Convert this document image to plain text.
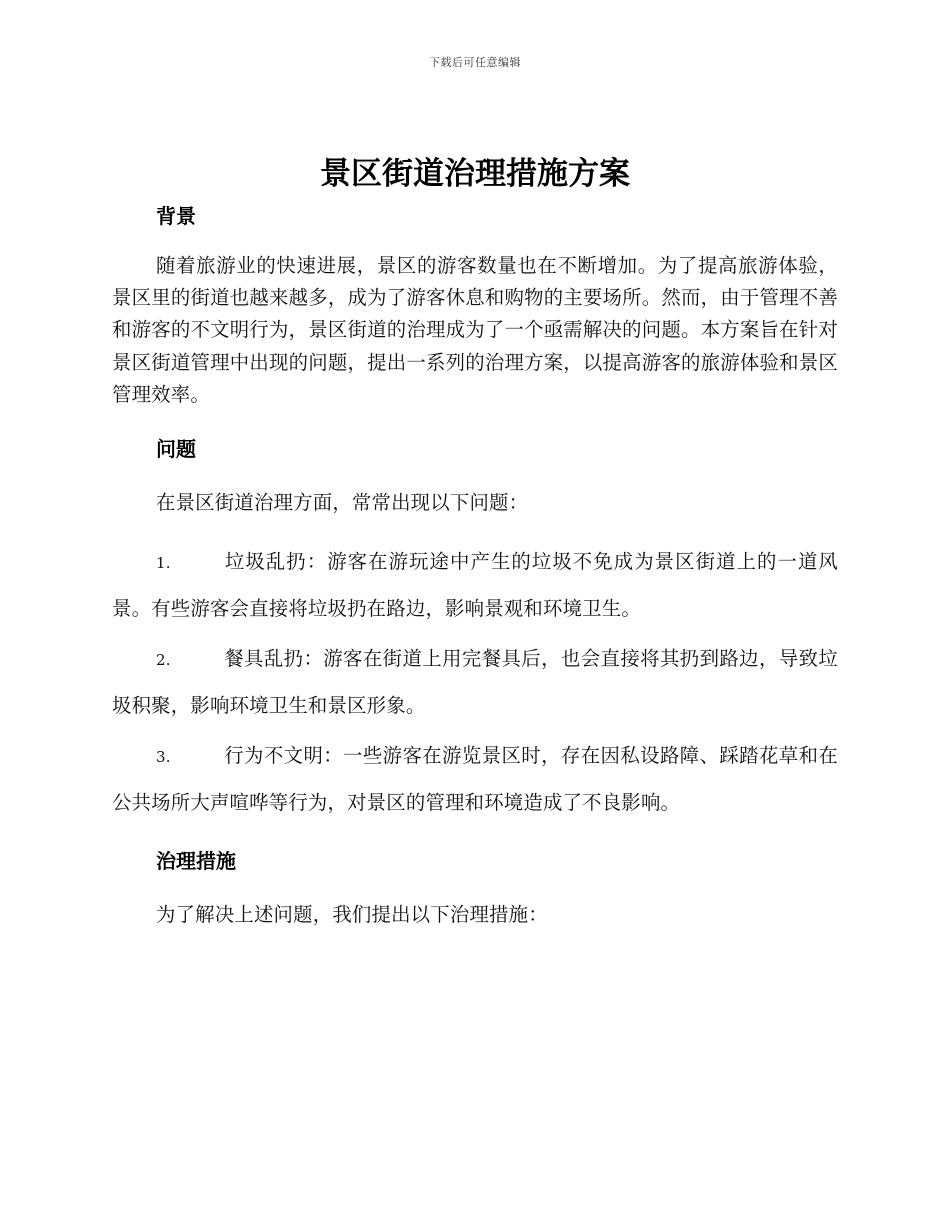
下载后可任意编辑
景区街道治理措施方案
背景

随着旅游业的快速进展，景区的游客数量也在不断增加。为了提高旅游体验，景区里的街道也越来越多，成为了游客休息和购物的主要场所。然而，由于管理不善和游客的不文明行为，景区街道的治理成为了一个亟需解决的问题。本方案旨在针对景区街道管理中出现的问题，提出一系列的治理方案，以提高游客的旅游体验和景区管理效率。

问题

在景区街道治理方面，常常出现以下问题：

1.	垃圾乱扔：游客在游玩途中产生的垃圾不免成为景区街道上的一道风景。有些游客会直接将垃圾扔在路边，影响景观和环境卫生。

2.	餐具乱扔：游客在街道上用完餐具后，也会直接将其扔到路边，导致垃圾积聚，影响环境卫生和景区形象。

3.	行为不文明：一些游客在游览景区时，存在因私设路障、踩踏花草和在公共场所大声喧哗等行为，对景区的管理和环境造成了不良影响。

治理措施

为了解决上述问题，我们提出以下治理措施：
